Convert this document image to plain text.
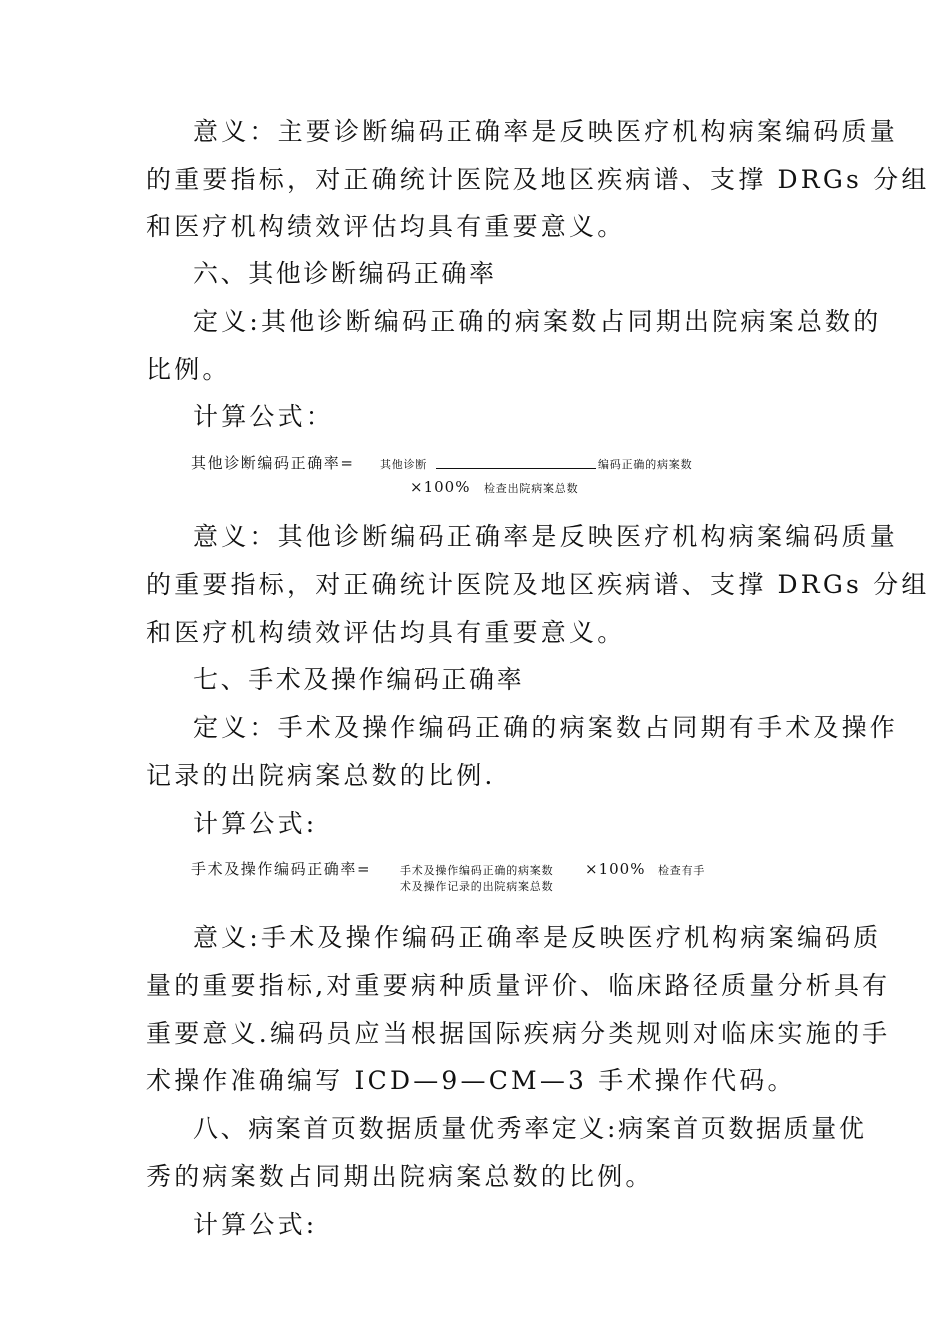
意义：主要诊断编码正确率是反映医疗机构病案编码质量
的重要指标，对正确统计医院及地区疾病谱、支撑 DRGs 分组
和医疗机构绩效评估均具有重要意义。
六、其他诊断编码正确率
定义:其他诊断编码正确的病案数占同期出院病案总数的
比例。
计算公式：
其他诊断编码正确率= 其他诊断	编码正确的病案数
×100% 检查出院病案总数
意义：其他诊断编码正确率是反映医疗机构病案编码质量
的重要指标，对正确统计医院及地区疾病谱、支撑 DRGs 分组
和医疗机构绩效评估均具有重要意义。
七、手术及操作编码正确率
定义：手术及操作编码正确的病案数占同期有手术及操作
记录的出院病案总数的比例.
计算公式:
手术及操作编码正确率=	手术及操作编码正确的病案数 ×100% 检查有手
术及操作记录的出院病案总数
意义:手术及操作编码正确率是反映医疗机构病案编码质
量的重要指标,对重要病种质量评价、临床路径质量分析具有
重要意义.编码员应当根据国际疾病分类规则对临床实施的手
术操作准确编写 ICD—9—CM—3 手术操作代码。
八、病案首页数据质量优秀率定义:病案首页数据质量优
秀的病案数占同期出院病案总数的比例。
计算公式:
